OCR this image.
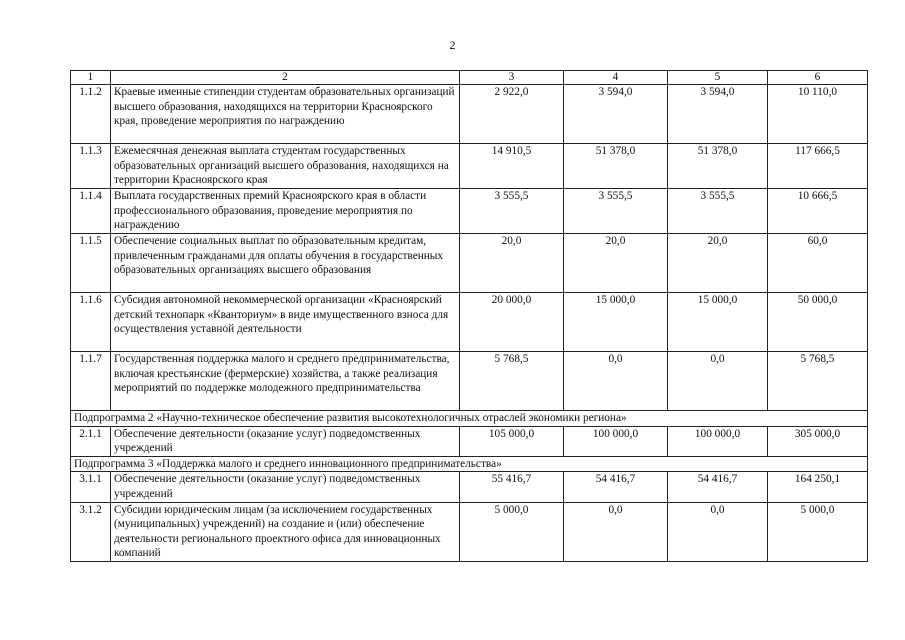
2
1	2	3	4	5	6
1.1.2	Краевые именные стипендии студентам образовательных организаций высшего образования, находящихся на территории Красноярского края, проведение мероприятия по награждению	2 922,0	3 594,0	3 594,0	10 110,0
1.1.3	Ежемесячная денежная выплата студентам государственных образовательных организаций высшего образования, находящихся на территории Красноярского края	14 910,5	51 378,0	51 378,0	117 666,5
1.1.4	Выплата государственных премий Красноярского края в области профессионального образования, проведение мероприятия по награждению	3 555,5	3 555,5	3 555,5	10 666,5
1.1.5	Обеспечение социальных выплат по образовательным кредитам, привлеченным гражданами для оплаты обучения в государственных образовательных организациях высшего образования	20,0	20,0	20,0	60,0
1.1.6	Субсидия автономной некоммерческой организации «Красноярский детский технопарк «Кванториум» в виде имущественного взноса для осуществления уставной деятельности	20 000,0	15 000,0	15 000,0	50 000,0
1.1.7	Государственная поддержка малого и среднего предпринимательства, включая крестьянские (фермерские) хозяйства, а также реализация мероприятий по поддержке молодежного предпринимательства	5 768,5	0,0	0,0	5 768,5
Подпрограмма 2 «Научно-техническое обеспечение развития высокотехнологичных отраслей экономики региона»					
2.1.1	Обеспечение деятельности (оказание услуг) подведомственных учреждений	105 000,0	100 000,0	100 000,0	305 000,0
Подпрограмма 3 «Поддержка малого и среднего инновационного предпринимательства»					
3.1.1	Обеспечение деятельности (оказание услуг) подведомственных учреждений	55 416,7	54 416,7	54 416,7	164 250,1
3.1.2	Субсидии юридическим лицам (за исключением государственных (муниципальных) учреждений) на создание и (или) обеспечение деятельности регионального проектного офиса для инновационных компаний	5 000,0	0,0	0,0	5 000,0
